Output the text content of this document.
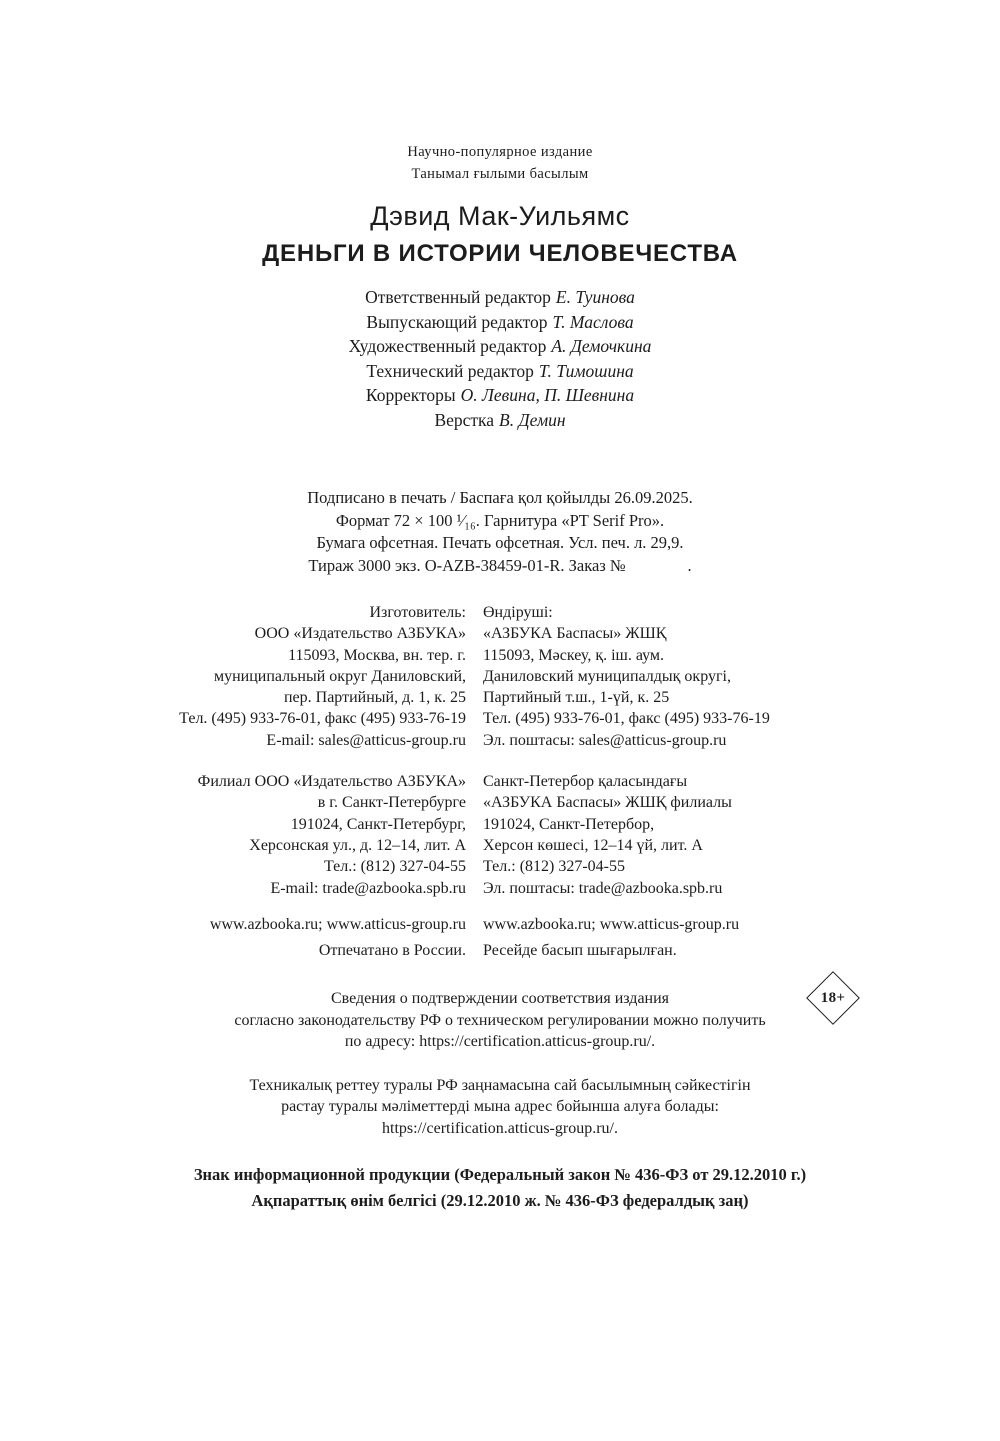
Научно-популярное издание
Танымал ғылыми басылым
Дэвид Мак-Уильямс
ДЕНЬГИ В ИСТОРИИ ЧЕЛОВЕЧЕСТВА
Ответственный редактор Е. Туинова
Выпускающий редактор Т. Маслова
Художественный редактор А. Демочкина
Технический редактор Т. Тимошина
Корректоры О. Левина, П. Шевнина
Верстка В. Демин
Подписано в печать / Баспаға қол қойылды 26.09.2025.
Формат 72 × 100 ¹⁄₁₆. Гарнитура «PT Serif Pro».
Бумага офсетная. Печать офсетная. Усл. печ. л. 29,9.
Тираж 3000 экз. O-AZB-38459-01-R. Заказ №               .
Изготовитель:
ООО «Издательство АЗБУКА»
115093, Москва, вн. тер. г.
муниципальный округ Даниловский,
пер. Партийный, д. 1, к. 25
Тел. (495) 933-76-01, факс (495) 933-76-19
E-mail: sales@atticus-group.ru
Өндіруші:
«АЗБУКА Баспасы» ЖШҚ
115093, Мәскеу, қ. іш. аум.
Даниловский муниципалдық округі,
Партийный т.ш., 1-үй, к. 25
Тел. (495) 933-76-01, факс (495) 933-76-19
Эл. поштасы: sales@atticus-group.ru
Филиал ООО «Издательство АЗБУКА»
в г. Санкт-Петербурге
191024, Санкт-Петербург,
Херсонская ул., д. 12–14, лит. А
Тел.: (812) 327-04-55
E-mail: trade@azbooka.spb.ru
Санкт-Петербор қаласындағы
«АЗБУКА Баспасы» ЖШҚ филиалы
191024, Санкт-Петербор,
Херсон көшесі, 12–14 үй, лит. А
Тел.: (812) 327-04-55
Эл. поштасы: trade@azbooka.spb.ru
www.azbooka.ru; www.atticus-group.ru www.azbooka.ru; www.atticus-group.ru
Отпечатано в России. Ресейде басып шығарылған.
Сведения о подтверждении соответствия издания
согласно законодательству РФ о техническом регулировании можно получить
по адресу: https://certification.atticus-group.ru/.
Техникалық реттеу туралы РФ заңнамасына сай басылымның сәйкестігін
растау туралы мәліметтерді мына адрес бойынша алуға болады:
https://certification.atticus-group.ru/.
Знак информационной продукции (Федеральный закон № 436-ФЗ от 29.12.2010 г.)
Ақпараттық өнім белгісі (29.12.2010 ж. № 436-ФЗ федералдық заң)
18+
